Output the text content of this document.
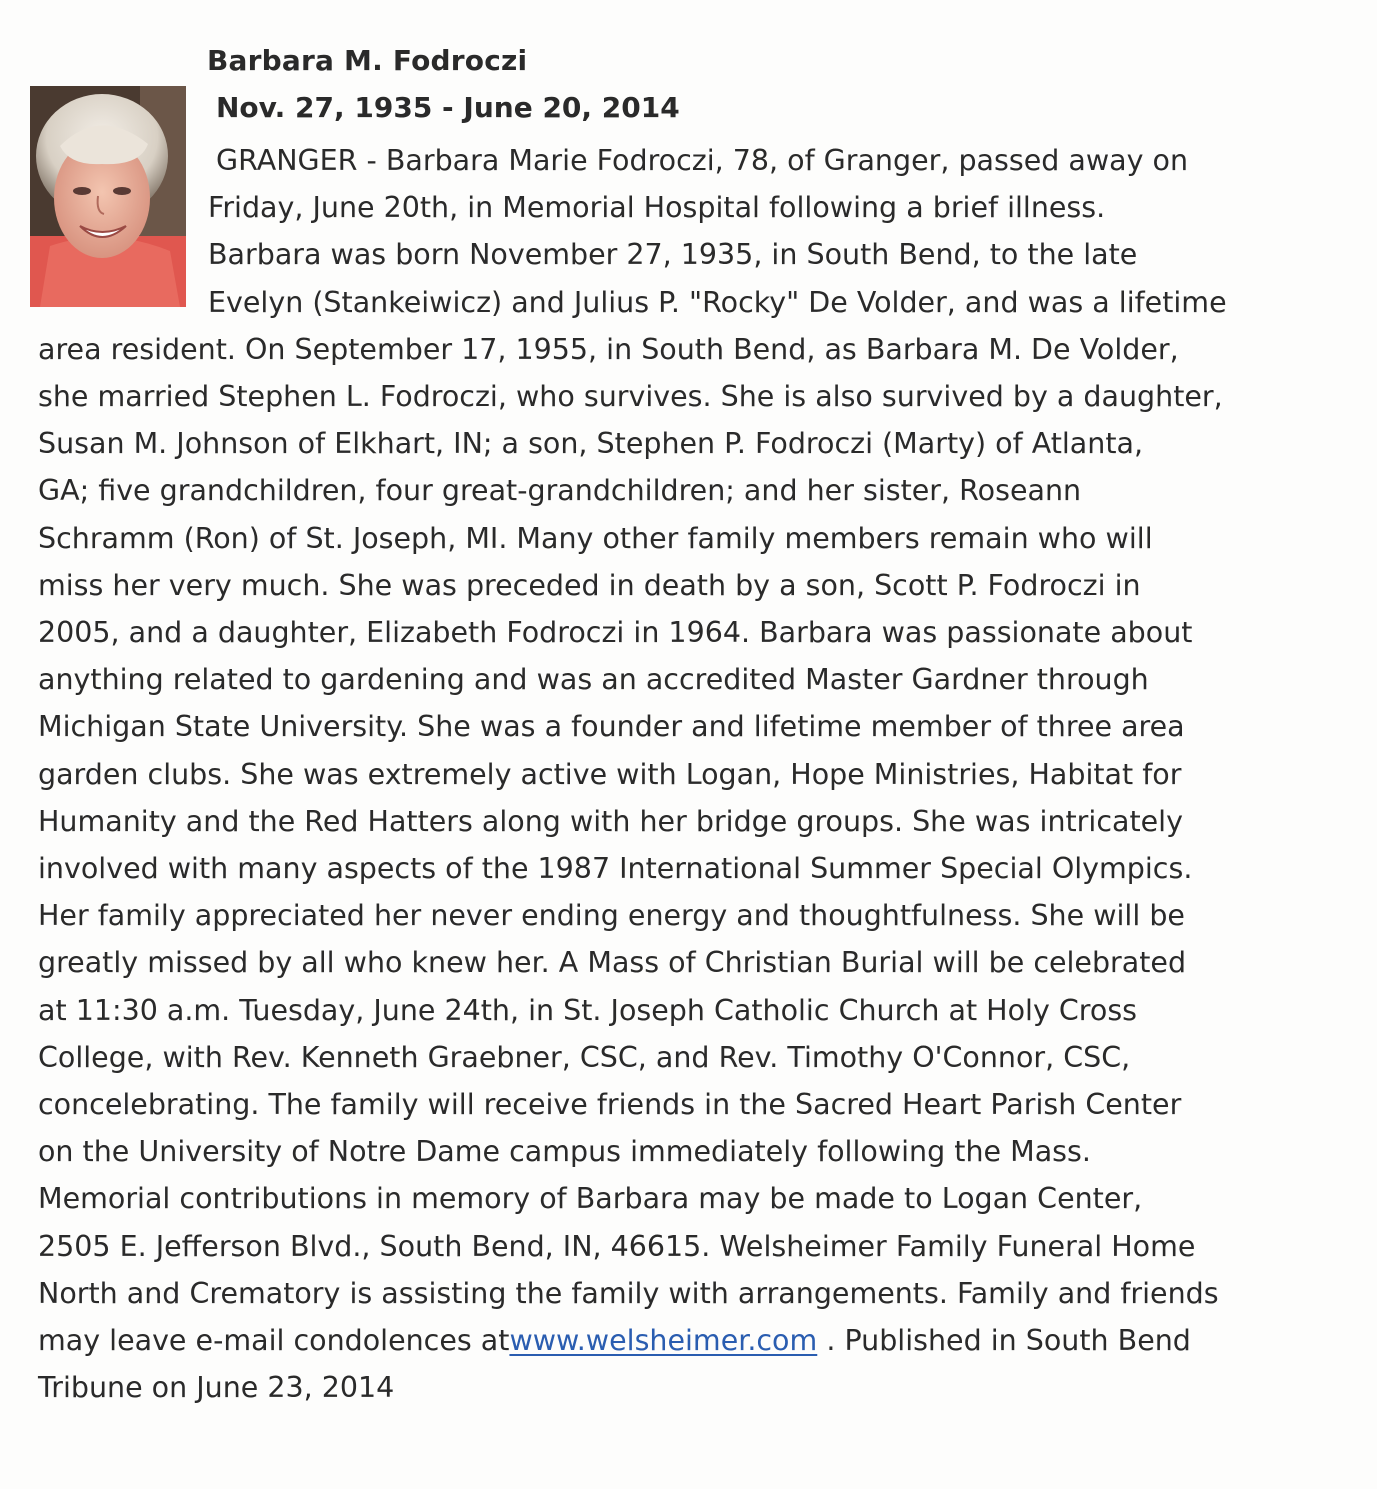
Barbara M. Fodroczi
Nov. 27, 1935 - June 20, 2014
GRANGER - Barbara Marie Fodroczi, 78, of Granger, passed away on
Friday, June 20th, in Memorial Hospital following a brief illness.
Barbara was born November 27, 1935, in South Bend, to the late
Evelyn (Stankeiwicz) and Julius P. "Rocky" De Volder, and was a lifetime
area resident. On September 17, 1955, in South Bend, as Barbara M. De Volder,
she married Stephen L. Fodroczi, who survives. She is also survived by a daughter,
Susan M. Johnson of Elkhart, IN; a son, Stephen P. Fodroczi (Marty) of Atlanta,
GA; five grandchildren, four great-grandchildren; and her sister, Roseann
Schramm (Ron) of St. Joseph, MI. Many other family members remain who will
miss her very much. She was preceded in death by a son, Scott P. Fodroczi in
2005, and a daughter, Elizabeth Fodroczi in 1964. Barbara was passionate about
anything related to gardening and was an accredited Master Gardner through
Michigan State University. She was a founder and lifetime member of three area
garden clubs. She was extremely active with Logan, Hope Ministries, Habitat for
Humanity and the Red Hatters along with her bridge groups. She was intricately
involved with many aspects of the 1987 International Summer Special Olympics.
Her family appreciated her never ending energy and thoughtfulness. She will be
greatly missed by all who knew her. A Mass of Christian Burial will be celebrated
at 11:30 a.m. Tuesday, June 24th, in St. Joseph Catholic Church at Holy Cross
College, with Rev. Kenneth Graebner, CSC, and Rev. Timothy O'Connor, CSC,
concelebrating. The family will receive friends in the Sacred Heart Parish Center
on the University of Notre Dame campus immediately following the Mass.
Memorial contributions in memory of Barbara may be made to Logan Center,
2505 E. Jefferson Blvd., South Bend, IN, 46615. Welsheimer Family Funeral Home
North and Crematory is assisting the family with arrangements. Family and friends
may leave e-mail condolences atwww.welsheimer.com . Published in South Bend
Tribune on June 23, 2014
